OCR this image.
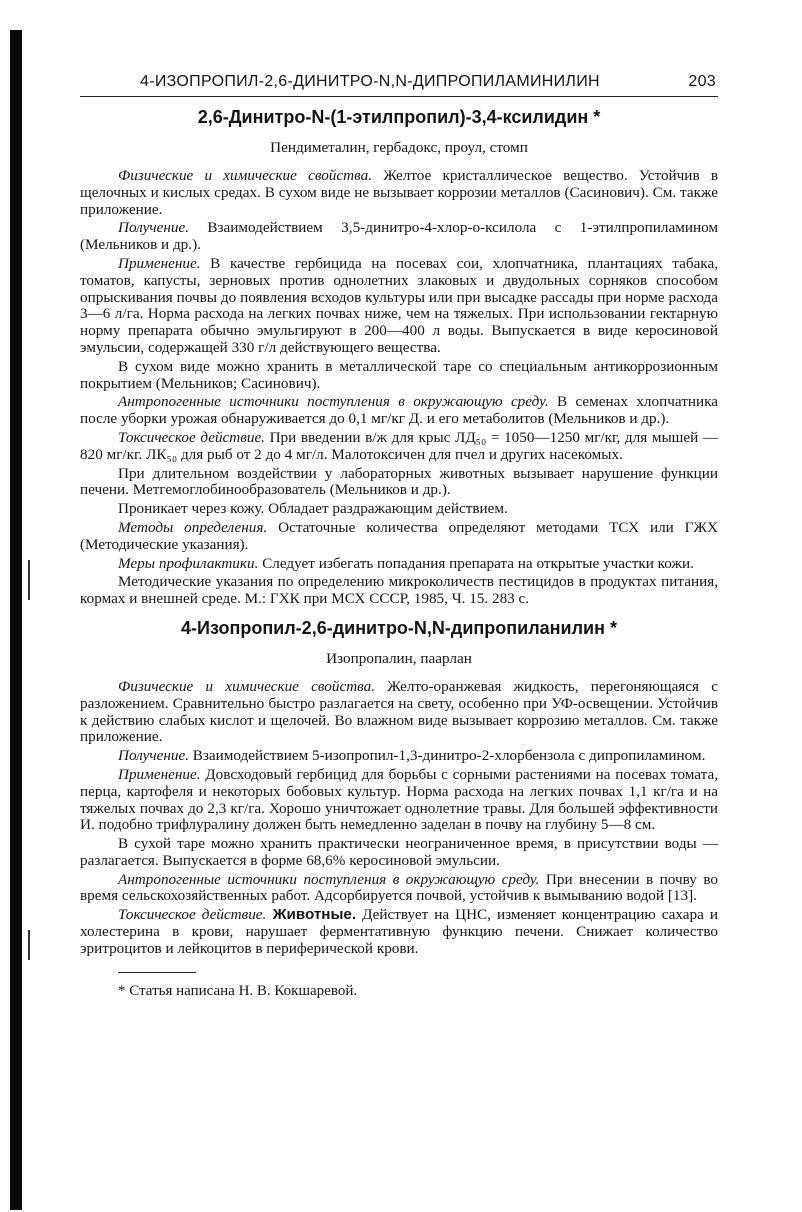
4-ИЗОПРОПИЛ-2,6-ДИНИТРО-N,N-ДИПРОПИЛАМИНИЛИН	203
2,6-Динитро-N-(1-этилпропил)-3,4-ксилидин *
Пендиметалин, гербадокс, проул, стомп

Физические и химические свойства. Желтое кристаллическое вещество. Устойчив в щелочных и кислых средах. В сухом виде не вызывает коррозии металлов (Сасинович). См. также приложение.

Получение. Взаимодействием 3,5-динитро-4-хлор-о-ксилола с 1-этилпропиламином (Мельников и др.).

Применение. В качестве гербицида на посевах сои, хлопчатника, плантациях табака, томатов, капусты, зерновых против однолетних злаковых и двудольных сорняков способом опрыскивания почвы до появления всходов культуры или при высадке рассады при норме расхода 3—6 л/га. Норма расхода на легких почвах ниже, чем на тяжелых. При использовании гектарную норму препарата обычно эмульгируют в 200—400 л воды. Выпускается в виде керосиновой эмульсии, содержащей 330 г/л действующего вещества.

В сухом виде можно хранить в металлической таре со специальным антикоррозионным покрытием (Мельников; Сасинович).

Антропогенные источники поступления в окружающую среду. В семенах хлопчатника после уборки урожая обнаруживается до 0,1 мг/кг Д. и его метаболитов (Мельников и др.).

Токсическое действие. При введении в/ж для крыс ЛД₅₀ = 1050—1250 мг/кг, для мышей — 820 мг/кг. ЛК₅₀ для рыб от 2 до 4 мг/л. Малотоксичен для пчел и других насекомых.

При длительном воздействии у лабораторных животных вызывает нарушение функции печени. Метгемоглобинообразователь (Мельников и др.).

Проникает через кожу. Обладает раздражающим действием.

Методы определения. Остаточные количества определяют методами ТСХ или ГЖХ (Методические указания).

Меры профилактики. Следует избегать попадания препарата на открытые участки кожи.

Методические указания по определению микроколичеств пестицидов в продуктах питания, кормах и внешней среде. М.: ГХК при МСХ СССР, 1985, Ч. 15. 283 с.

4-Изопропил-2,6-динитро-N,N-дипропиланилин *
Изопропалин, паарлан

Физические и химические свойства. Желто-оранжевая жидкость, перегоняющаяся с разложением. Сравнительно быстро разлагается на свету, особенно при УФ-освещении. Устойчив к действию слабых кислот и щелочей. Во влажном виде вызывает коррозию металлов. См. также приложение.

Получение. Взаимодействием 5-изопропил-1,3-динитро-2-хлорбензола с дипропиламином.

Применение. Довсходовый гербицид для борьбы с сорными растениями на посевах томата, перца, картофеля и некоторых бобовых культур. Норма расхода на легких почвах 1,1 кг/га и на тяжелых почвах до 2,3 кг/га. Хорошо уничтожает однолетние травы. Для большей эффективности И. подобно трифлуралину должен быть немедленно заделан в почву на глубину 5—8 см.

В сухой таре можно хранить практически неограниченное время, в присутствии воды — разлагается. Выпускается в форме 68,6% керосиновой эмульсии.

Антропогенные источники поступления в окружающую среду. При внесении в почву во время сельскохозяйственных работ. Адсорбируется почвой, устойчив к вымыванию водой [13].

Токсическое действие. Животные. Действует на ЦНС, изменяет концентрацию сахара и холестерина в крови, нарушает ферментативную функцию печени. Снижает количество эритроцитов и лейкоцитов в периферической крови.

* Статья написана Н. В. Кокшаревой.
